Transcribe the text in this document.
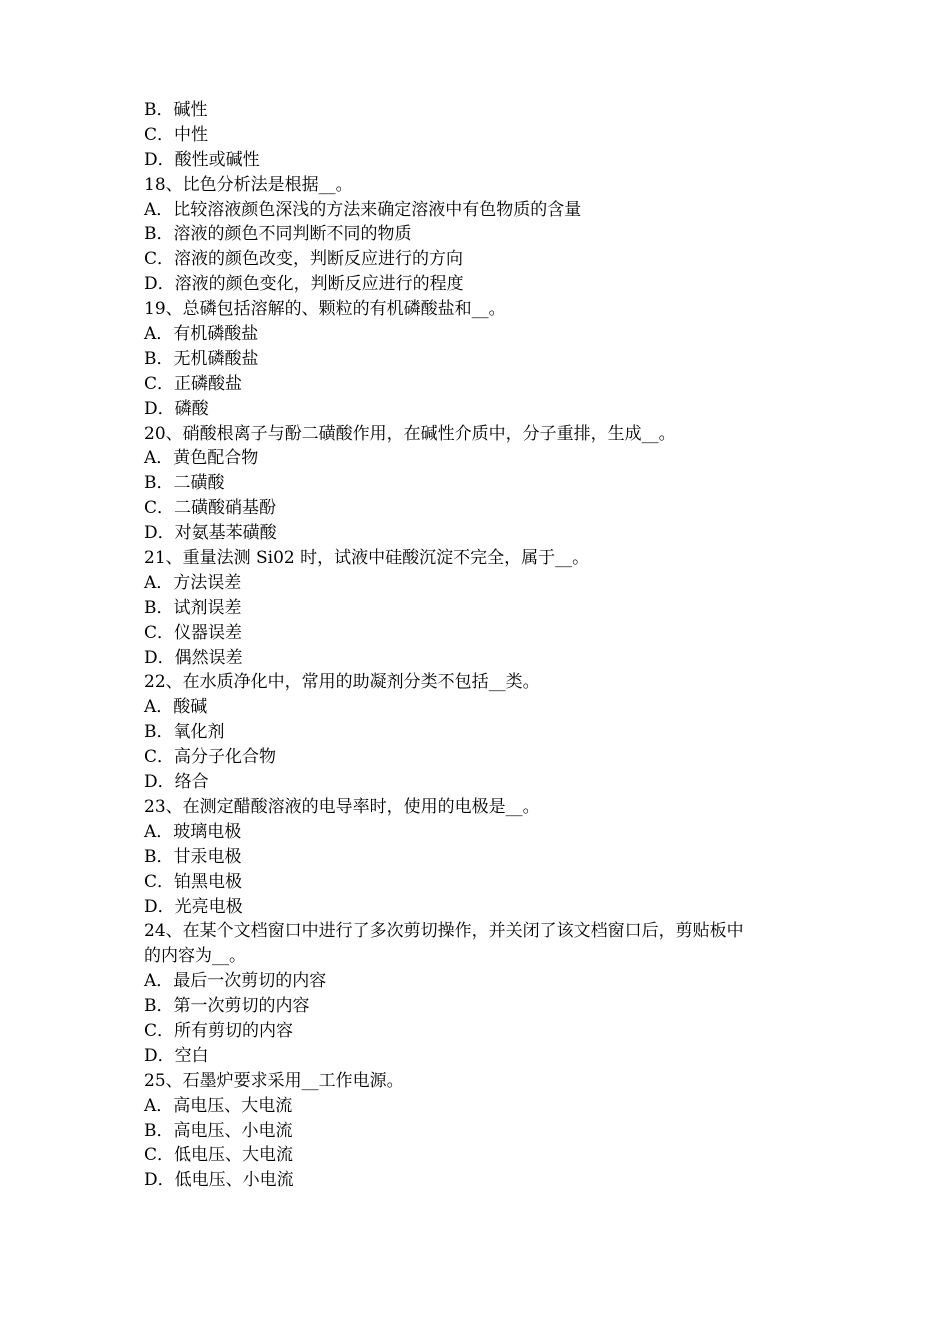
B．碱性
C．中性
D．酸性或碱性
18、比色分析法是根据__。
A．比较溶液颜色深浅的方法来确定溶液中有色物质的含量
B．溶液的颜色不同判断不同的物质
C．溶液的颜色改变，判断反应进行的方向
D．溶液的颜色变化，判断反应进行的程度
19、总磷包括溶解的、颗粒的有机磷酸盐和__。
A．有机磷酸盐
B．无机磷酸盐
C．正磷酸盐
D．磷酸
20、硝酸根离子与酚二磺酸作用，在碱性介质中，分子重排，生成__。
A．黄色配合物
B．二磺酸
C．二磺酸硝基酚
D．对氨基苯磺酸
21、重量法测 Si02 时，试液中硅酸沉淀不完全，属于__。
A．方法误差
B．试剂误差
C．仪器误差
D．偶然误差
22、在水质净化中，常用的助凝剂分类不包括__类。
A．酸碱
B．氧化剂
C．高分子化合物
D．络合
23、在测定醋酸溶液的电导率时，使用的电极是__。
A．玻璃电极
B．甘汞电极
C．铂黑电极
D．光亮电极
24、在某个文档窗口中进行了多次剪切操作，并关闭了该文档窗口后，剪贴板中
的内容为__。
A．最后一次剪切的内容
B．第一次剪切的内容
C．所有剪切的内容
D．空白
25、石墨炉要求采用__工作电源。
A．高电压、大电流
B．高电压、小电流
C．低电压、大电流
D．低电压、小电流
